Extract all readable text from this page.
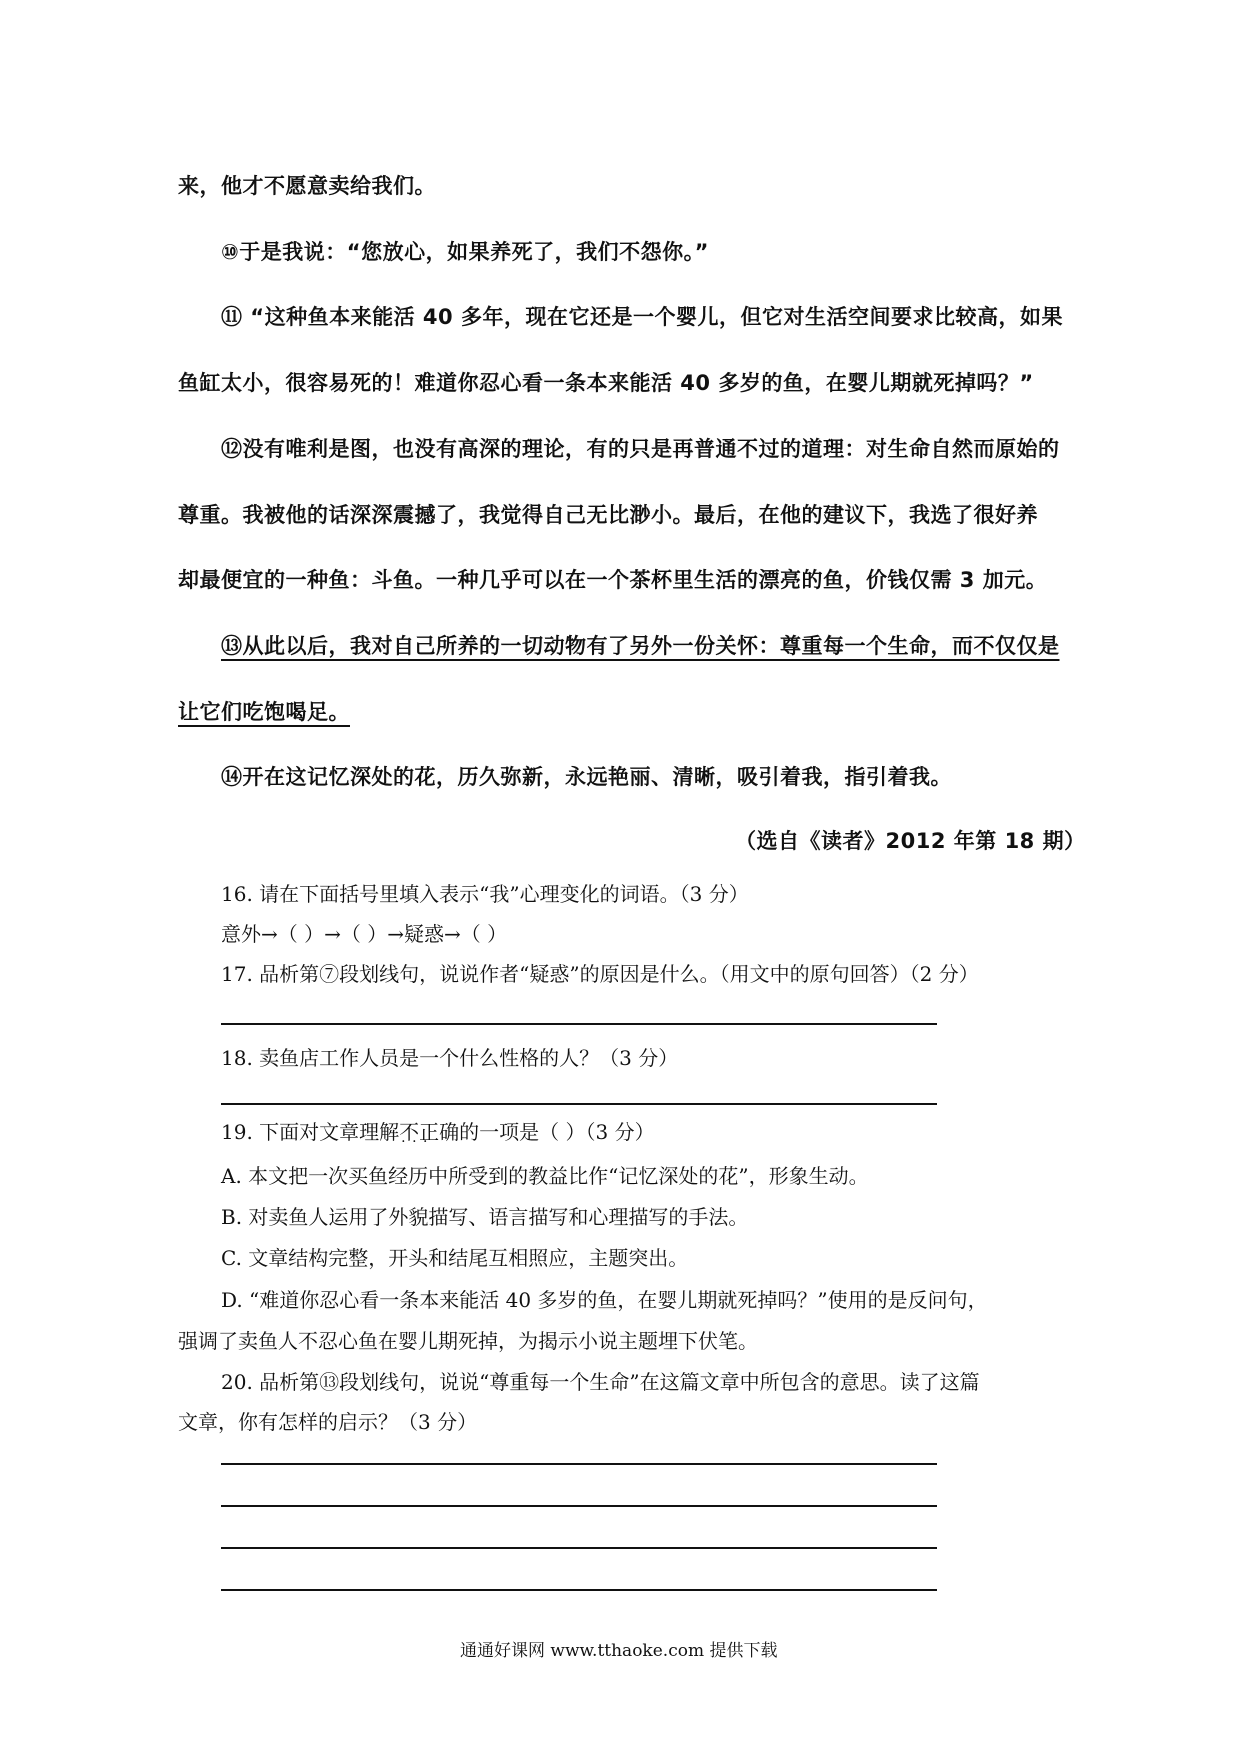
来，他才不愿意卖给我们。
⑩于是我说：“您放心，如果养死了，我们不怨你。”
⑪ “这种鱼本来能活 40 多年，现在它还是一个婴儿，但它对生活空间要求比较高，如果
鱼缸太小，很容易死的！难道你忍心看一条本来能活 40 多岁的鱼，在婴儿期就死掉吗？”
⑫没有唯利是图，也没有高深的理论，有的只是再普通不过的道理：对生命自然而原始的
尊重。我被他的话深深震撼了，我觉得自己无比渺小。最后，在他的建议下，我选了很好养
却最便宜的一种鱼：斗鱼。一种几乎可以在一个茶杯里生活的漂亮的鱼，价钱仅需 3 加元。
⑬从此以后，我对自己所养的一切动物有了另外一份关怀：尊重每一个生命，而不仅仅是
让它们吃饱喝足。
⑭开在这记忆深处的花，历久弥新，永远艳丽、清晰，吸引着我，指引着我。
（选自《读者》2012 年第 18 期）
16. 请在下面括号里填入表示“我”心理变化的词语。（3 分）
意外→（ ）→（ ）→疑惑→（ ）
17. 品析第⑦段划线句，说说作者“疑惑”的原因是什么。（用文中的原句回答）（2 分）
18. 卖鱼店工作人员是一个什么性格的人？（3 分）
19. 下面对文章理解不正确 · · ·的一项是（ ）（3 分）
A. 本文把一次买鱼经历中所受到的教益比作“记忆深处的花”，形象生动。
B. 对卖鱼人运用了外貌描写、语言描写和心理描写的手法。
C. 文章结构完整，开头和结尾互相照应，主题突出。
D. “难道你忍心看一条本来能活 40 多岁的鱼，在婴儿期就死掉吗？”使用的是反问句，
强调了卖鱼人不忍心鱼在婴儿期死掉，为揭示小说主题埋下伏笔。
20. 品析第⑬段划线句，说说“尊重每一个生命”在这篇文章中所包含的意思。读了这篇
文章，你有怎样的启示？（3 分）
通通好课网 www.tthaoke.com 提供下载
